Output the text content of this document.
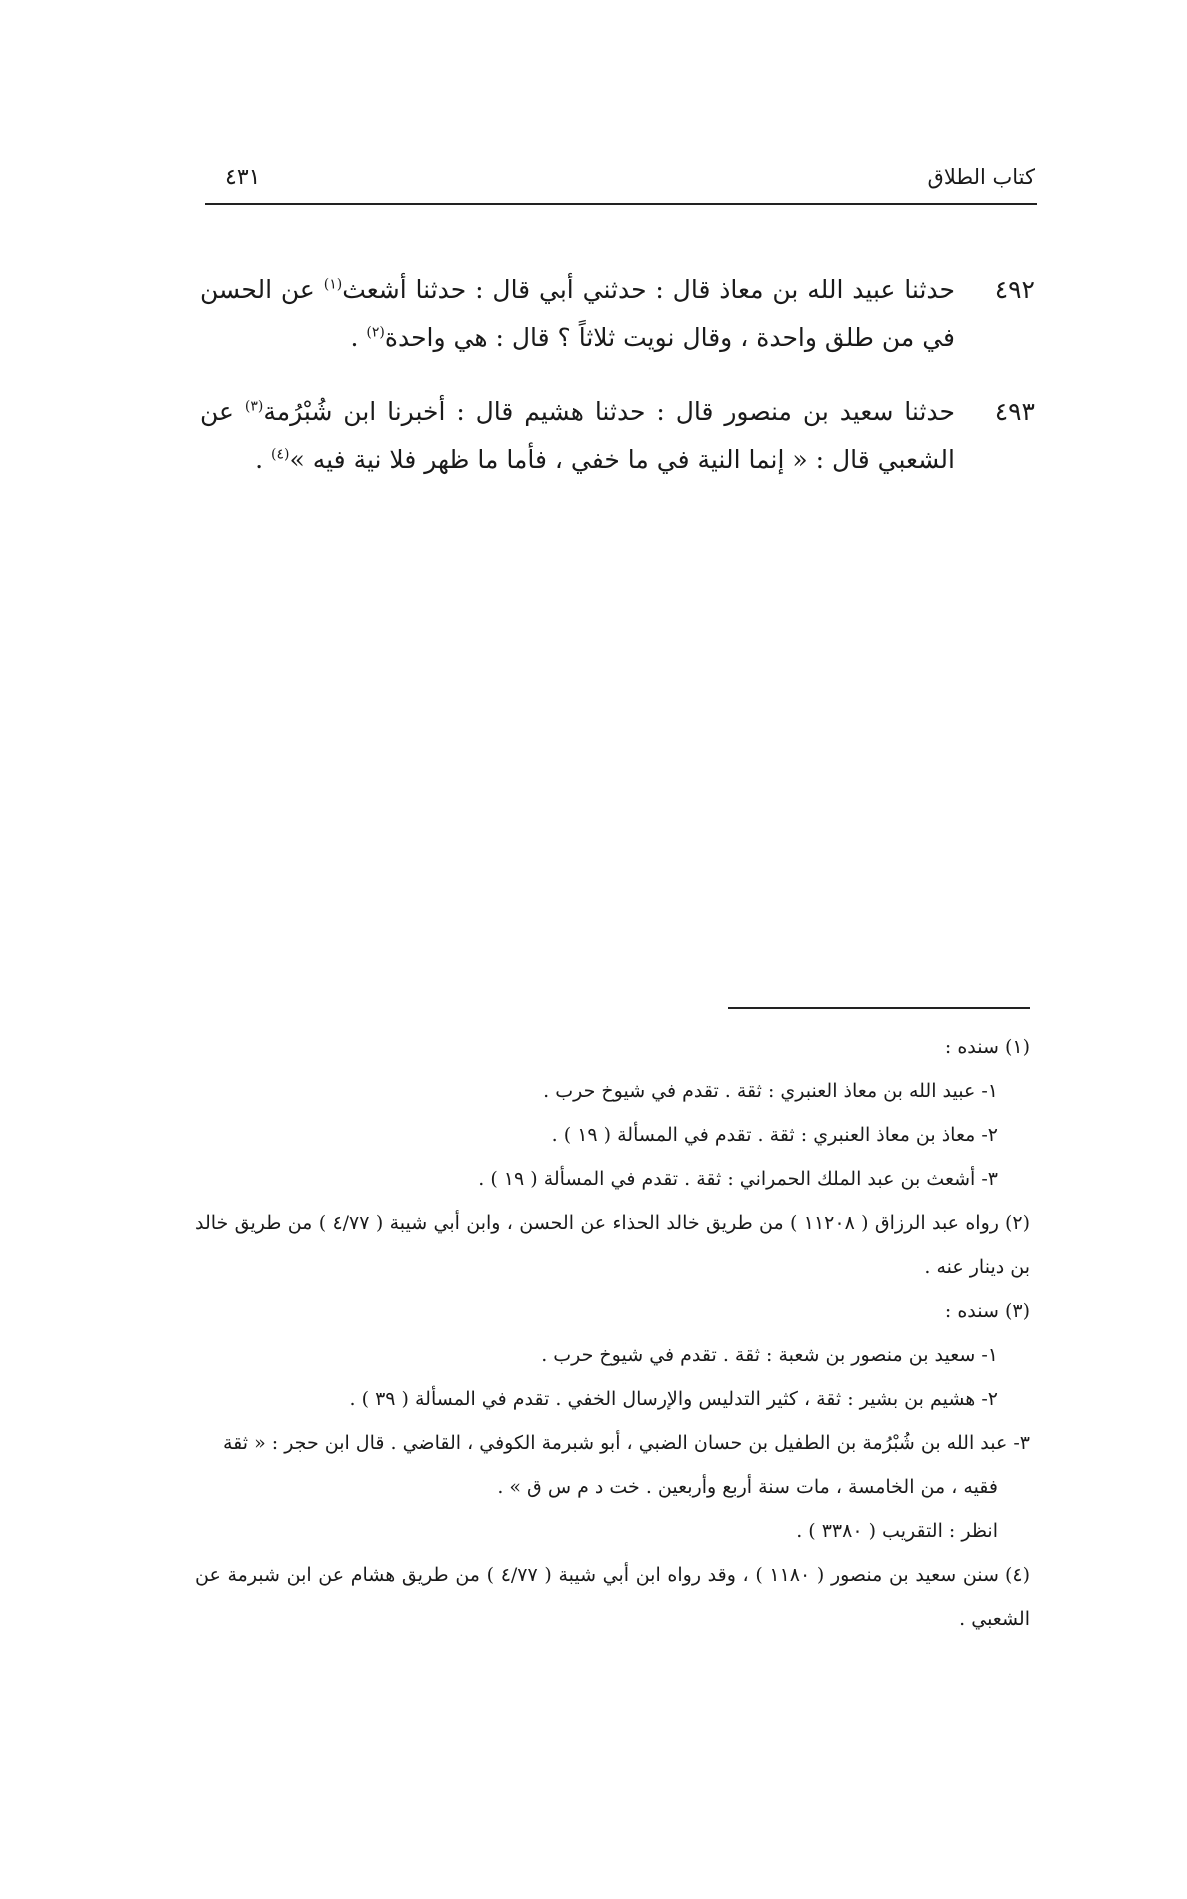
كتاب الطلاق
٤٣١
٤٩٢
حدثنا عبيد الله بن معاذ قال : حدثني أبي قال : حدثنا أشعث$^{(١)}$ عن الحسن في من طلق واحدة ، وقال نويت ثلاثاً ؟ قال : هي واحدة$^{(٢)}$ .
٤٩٣
حدثنا سعيد بن منصور قال : حدثنا هشيم قال : أخبرنا ابن شُبْرُمة$^{(٣)}$ عن الشعبي قال : « إنما النية في ما خفي ، فأما ما ظهر فلا نية فيه »$^{(٤)}$ .
(١)سنده :
١- عبيد الله بن معاذ العنبري : ثقة . تقدم في شيوخ حرب .
٢- معاذ بن معاذ العنبري : ثقة . تقدم في المسألة ( ١٩ ) .
٣- أشعث بن عبد الملك الحمراني : ثقة . تقدم في المسألة ( ١٩ ) .
(٢)رواه عبد الرزاق ( ١١٢٠٨ ) من طريق خالد الحذاء عن الحسن ، وابن أبي شيبة ( ٤/٧٧ ) من طريق خالد بن دينار عنه .
(٣)سنده :
١- سعيد بن منصور بن شعبة : ثقة . تقدم في شيوخ حرب .
٢- هشيم بن بشير : ثقة ، كثير التدليس والإرسال الخفي . تقدم في المسألة ( ٣٩ ) .
٣- عبد الله بن شُبْرُمة بن الطفيل بن حسان الضبي ، أبو شبرمة الكوفي ، القاضي . قال ابن حجر : « ثقة
فقيه ، من الخامسة ، مات سنة أربع وأربعين . خت د م س ق » .
انظر : التقريب ( ٣٣٨٠ ) .
(٤)سنن سعيد بن منصور ( ١١٨٠ ) ، وقد رواه ابن أبي شيبة ( ٤/٧٧ ) من طريق هشام عن ابن شبرمة عن الشعبي .
